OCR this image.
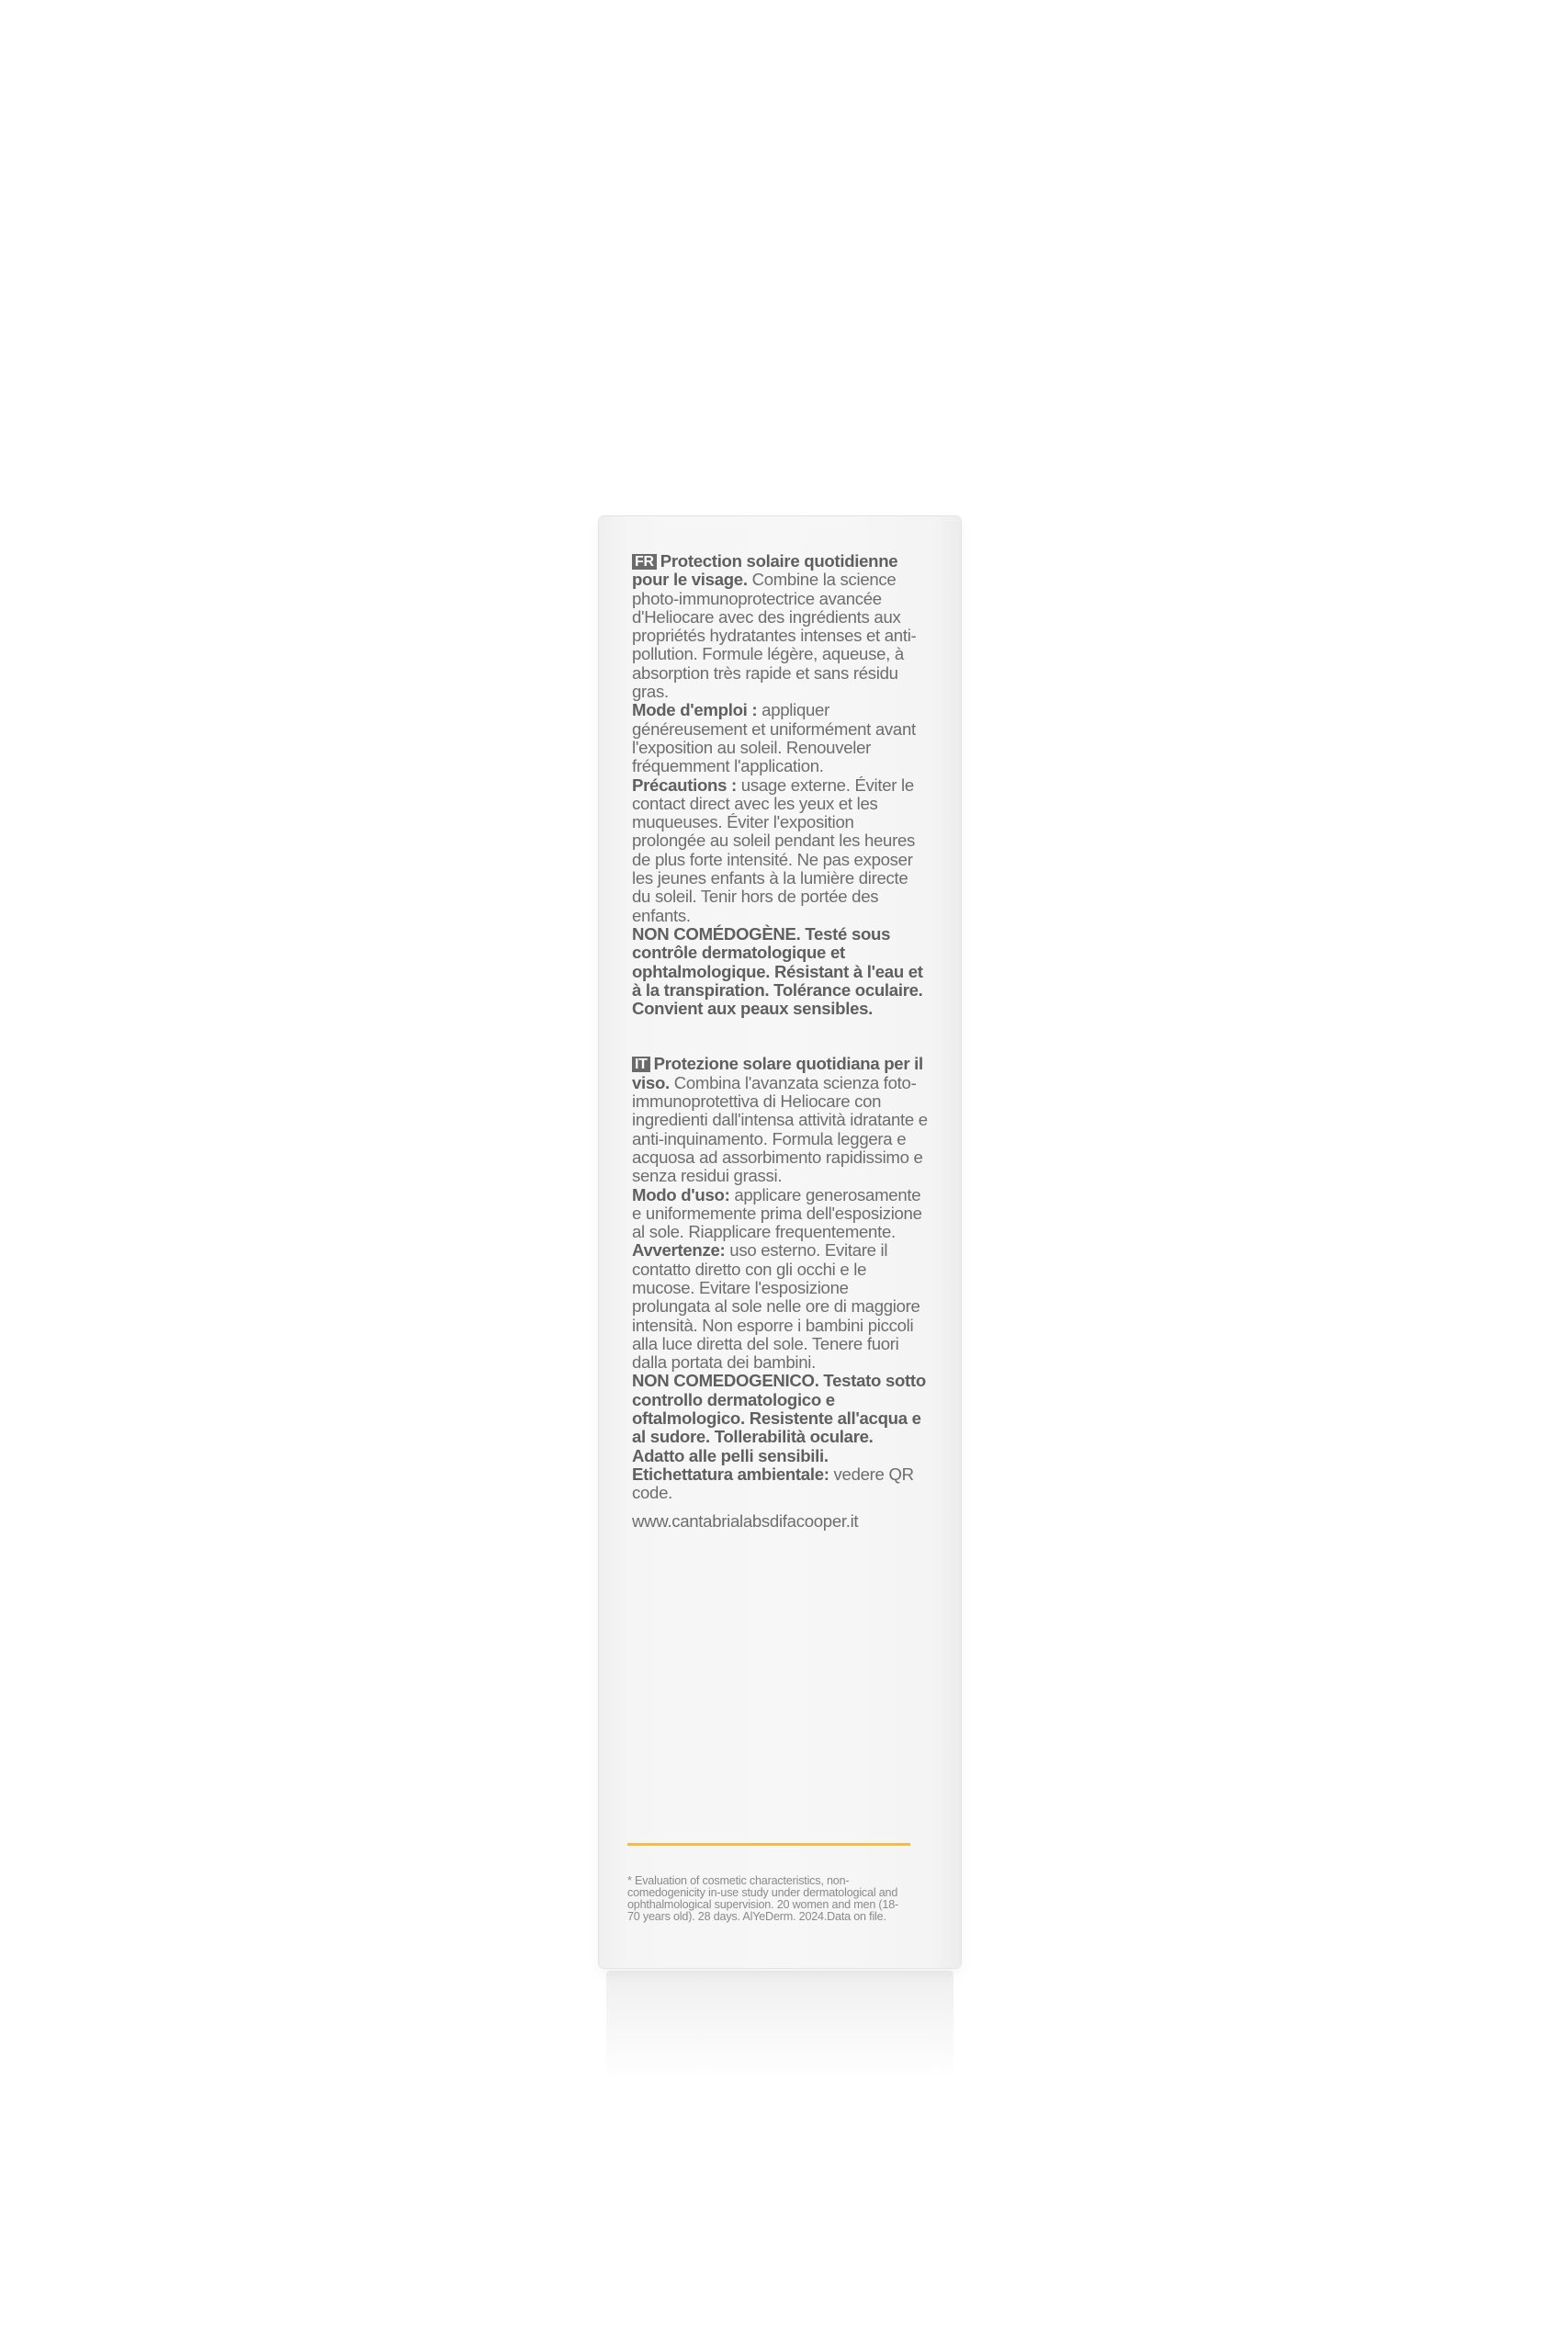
FR Protection solaire quotidienne pour le visage. Combine la science photo-immunoprotectrice avancée d'Heliocare avec des ingrédients aux propriétés hydratantes intenses et anti-pollution. Formule légère, aqueuse, à absorption très rapide et sans résidu gras.

Mode d'emploi : appliquer généreusement et uniformément avant l'exposition au soleil. Renouveler fréquemment l'application.

Précautions : usage externe. Éviter le contact direct avec les yeux et les muqueuses. Éviter l'exposition prolongée au soleil pendant les heures de plus forte intensité. Ne pas exposer les jeunes enfants à la lumière directe du soleil. Tenir hors de portée des enfants.

NON COMÉDOGÈNE. Testé sous contrôle dermatologique et ophtalmologique. Résistant à l'eau et à la transpiration. Tolérance oculaire. Convient aux peaux sensibles.

IT Protezione solare quotidiana per il viso. Combina l'avanzata scienza foto-immunoprotettiva di Heliocare con ingredienti dall'intensa attività idratante e anti-inquinamento. Formula leggera e acquosa ad assorbimento rapidissimo e senza residui grassi.

Modo d'uso: applicare generosamente e uniformemente prima dell'esposizione al sole. Riapplicare frequentemente.

Avvertenze: uso esterno. Evitare il contatto diretto con gli occhi e le mucose. Evitare l'esposizione prolungata al sole nelle ore di maggiore intensità. Non esporre i bambini piccoli alla luce diretta del sole. Tenere fuori dalla portata dei bambini.

NON COMEDOGENICO. Testato sotto controllo dermatologico e oftalmologico. Resistente all'acqua e al sudore. Tollerabilità oculare. Adatto alle pelli sensibili.

Etichettatura ambientale: vedere QR code.

www.cantabrialabsdifacooper.it

* Evaluation of cosmetic characteristics, non-comedogenicity in-use study under dermatological and ophthalmological supervision. 20 women and men (18-70 years old). 28 days. AlYeDerm. 2024.Data on file.
